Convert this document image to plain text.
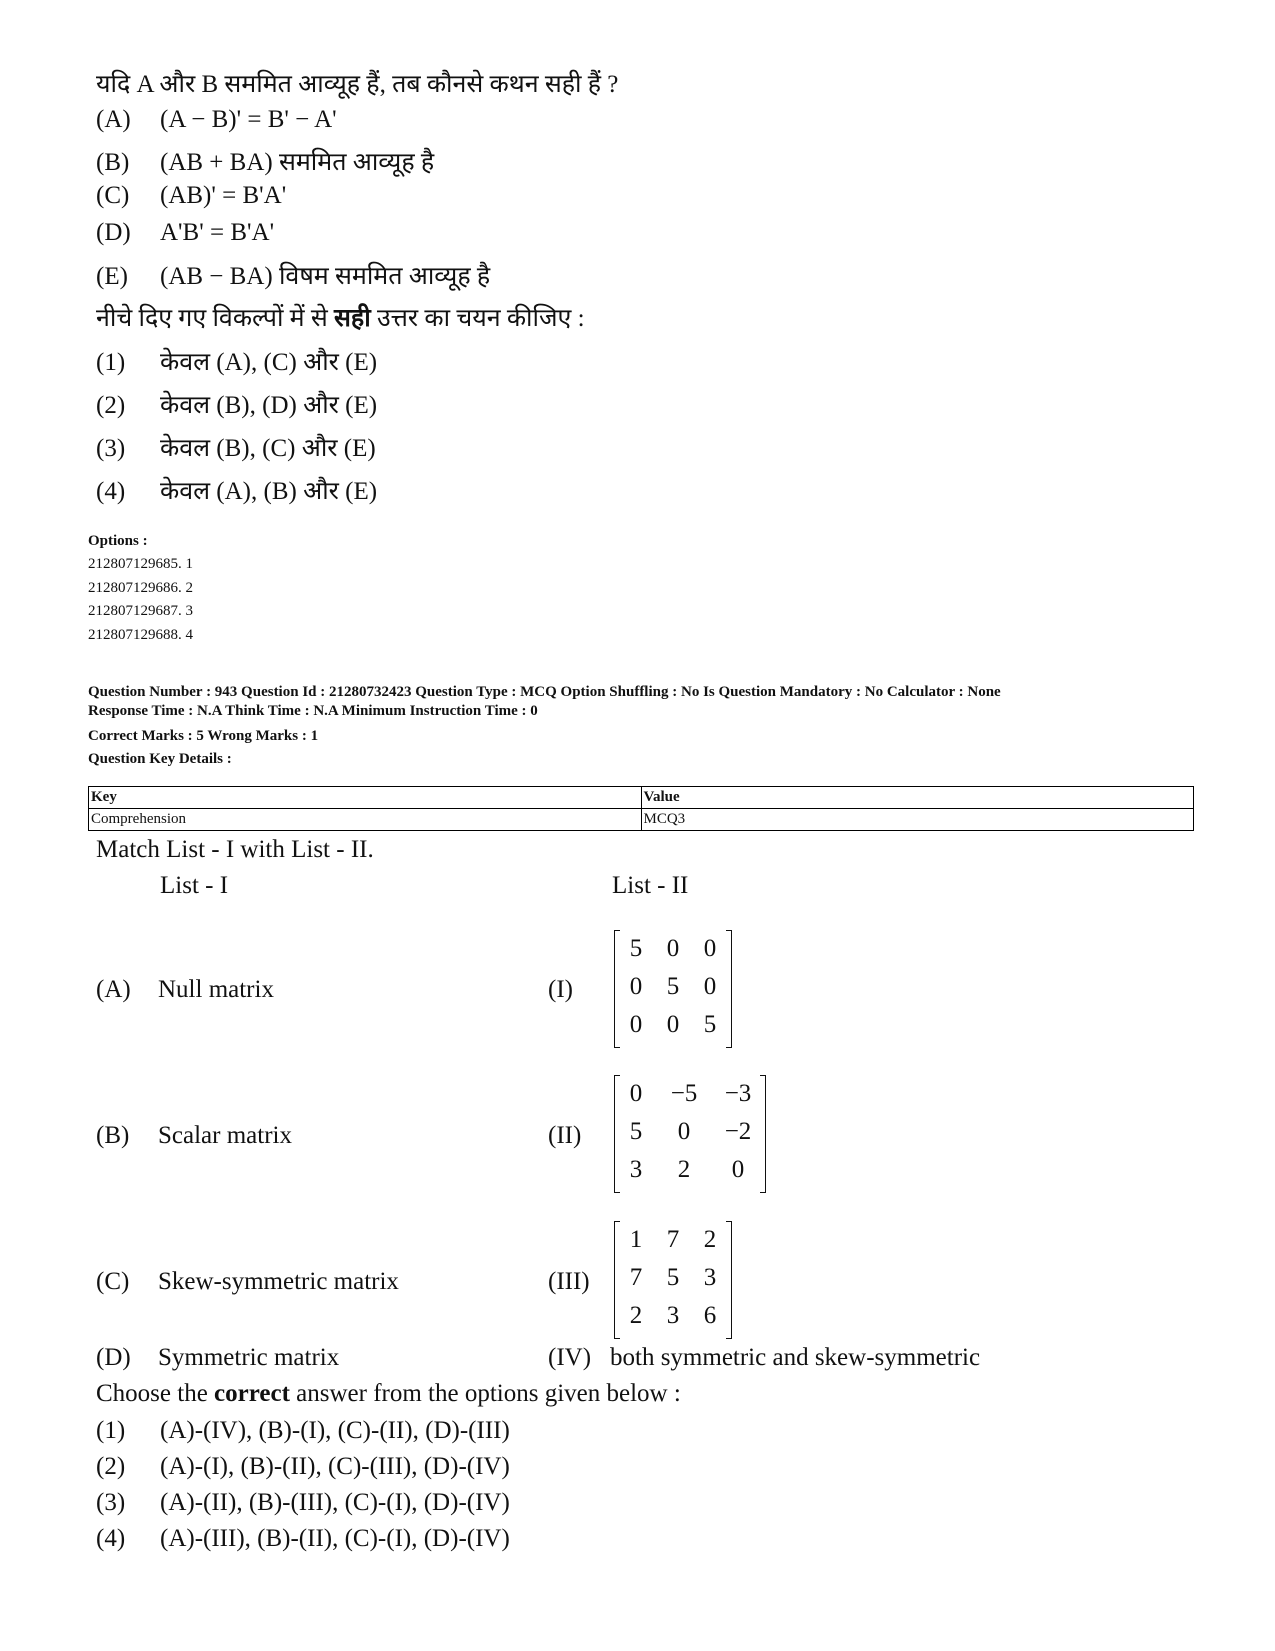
यदि A और B सममित आव्यूह हैं, तब कौनसे कथन सही हैं ?
(A) (A − B)' = B' − A'
(B) (AB + BA) सममित आव्यूह है
(C) (AB)' = B'A'
(D) A'B' = B'A'
(E) (AB − BA) विषम सममित आव्यूह है
नीचे दिए गए विकल्पों में से सही उत्तर का चयन कीजिए :
(1) केवल (A), (C) और (E)
(2) केवल (B), (D) और (E)
(3) केवल (B), (C) और (E)
(4) केवल (A), (B) और (E)
Options :
212807129685. 1
212807129686. 2
212807129687. 3
212807129688. 4
Question Number : 943 Question Id : 21280732423 Question Type : MCQ Option Shuffling : No Is Question Mandatory : No Calculator : None
Response Time : N.A Think Time : N.A Minimum Instruction Time : 0
Correct Marks : 5 Wrong Marks : 1
Question Key Details :
Key	Value
Comprehension	MCQ3
Match List - I with List - II.
List - I	List - II
(A) Null matrix	(I)
5 0 0
0 5 0
0 0 5
(B) Scalar matrix	(II)
0	−5 −3
5	0	−2
3	2	0
(C) Skew-symmetric matrix	(III)
1 7 2
7 5 3
2 3 6
(D) Symmetric matrix	(IV) both symmetric and skew-symmetric
Choose the correct answer from the options given below :
(1) (A)-(IV), (B)-(I), (C)-(II), (D)-(III)
(2) (A)-(I), (B)-(II), (C)-(III), (D)-(IV)
(3) (A)-(II), (B)-(III), (C)-(I), (D)-(IV)
(4) (A)-(III), (B)-(II), (C)-(I), (D)-(IV)
